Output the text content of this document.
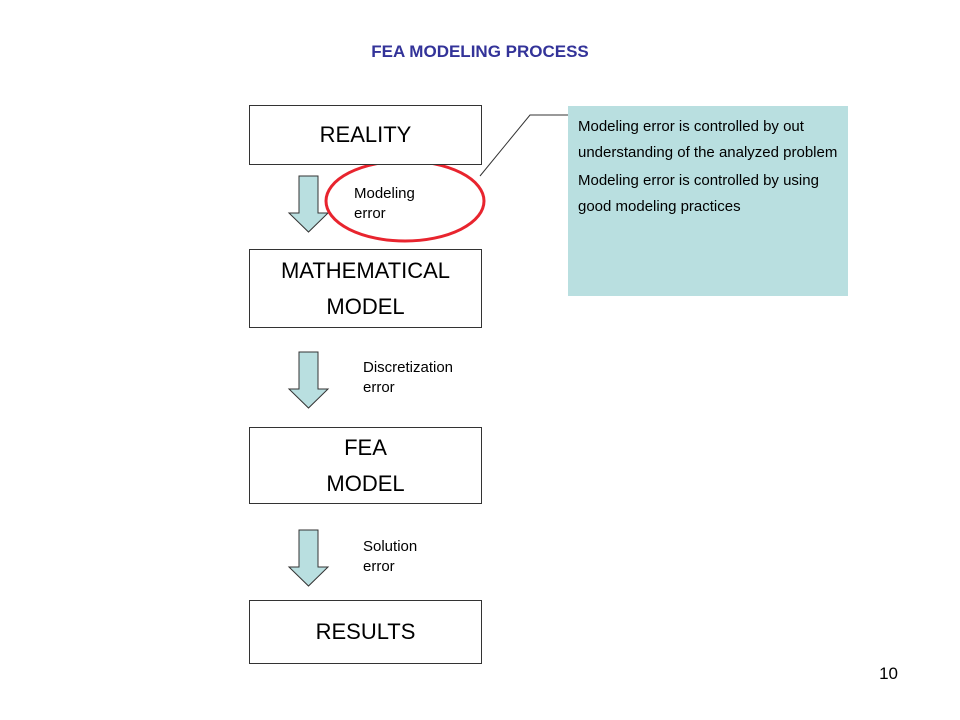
FEA MODELING PROCESS
REALITY
MATHEMATICAL
MODEL
FEA
MODEL
RESULTS
Modeling
error
Discretization
error
Solution
error

Modeling error is controlled by out understanding of the analyzed problem

Modeling error is controlled by using good modeling practices

10
